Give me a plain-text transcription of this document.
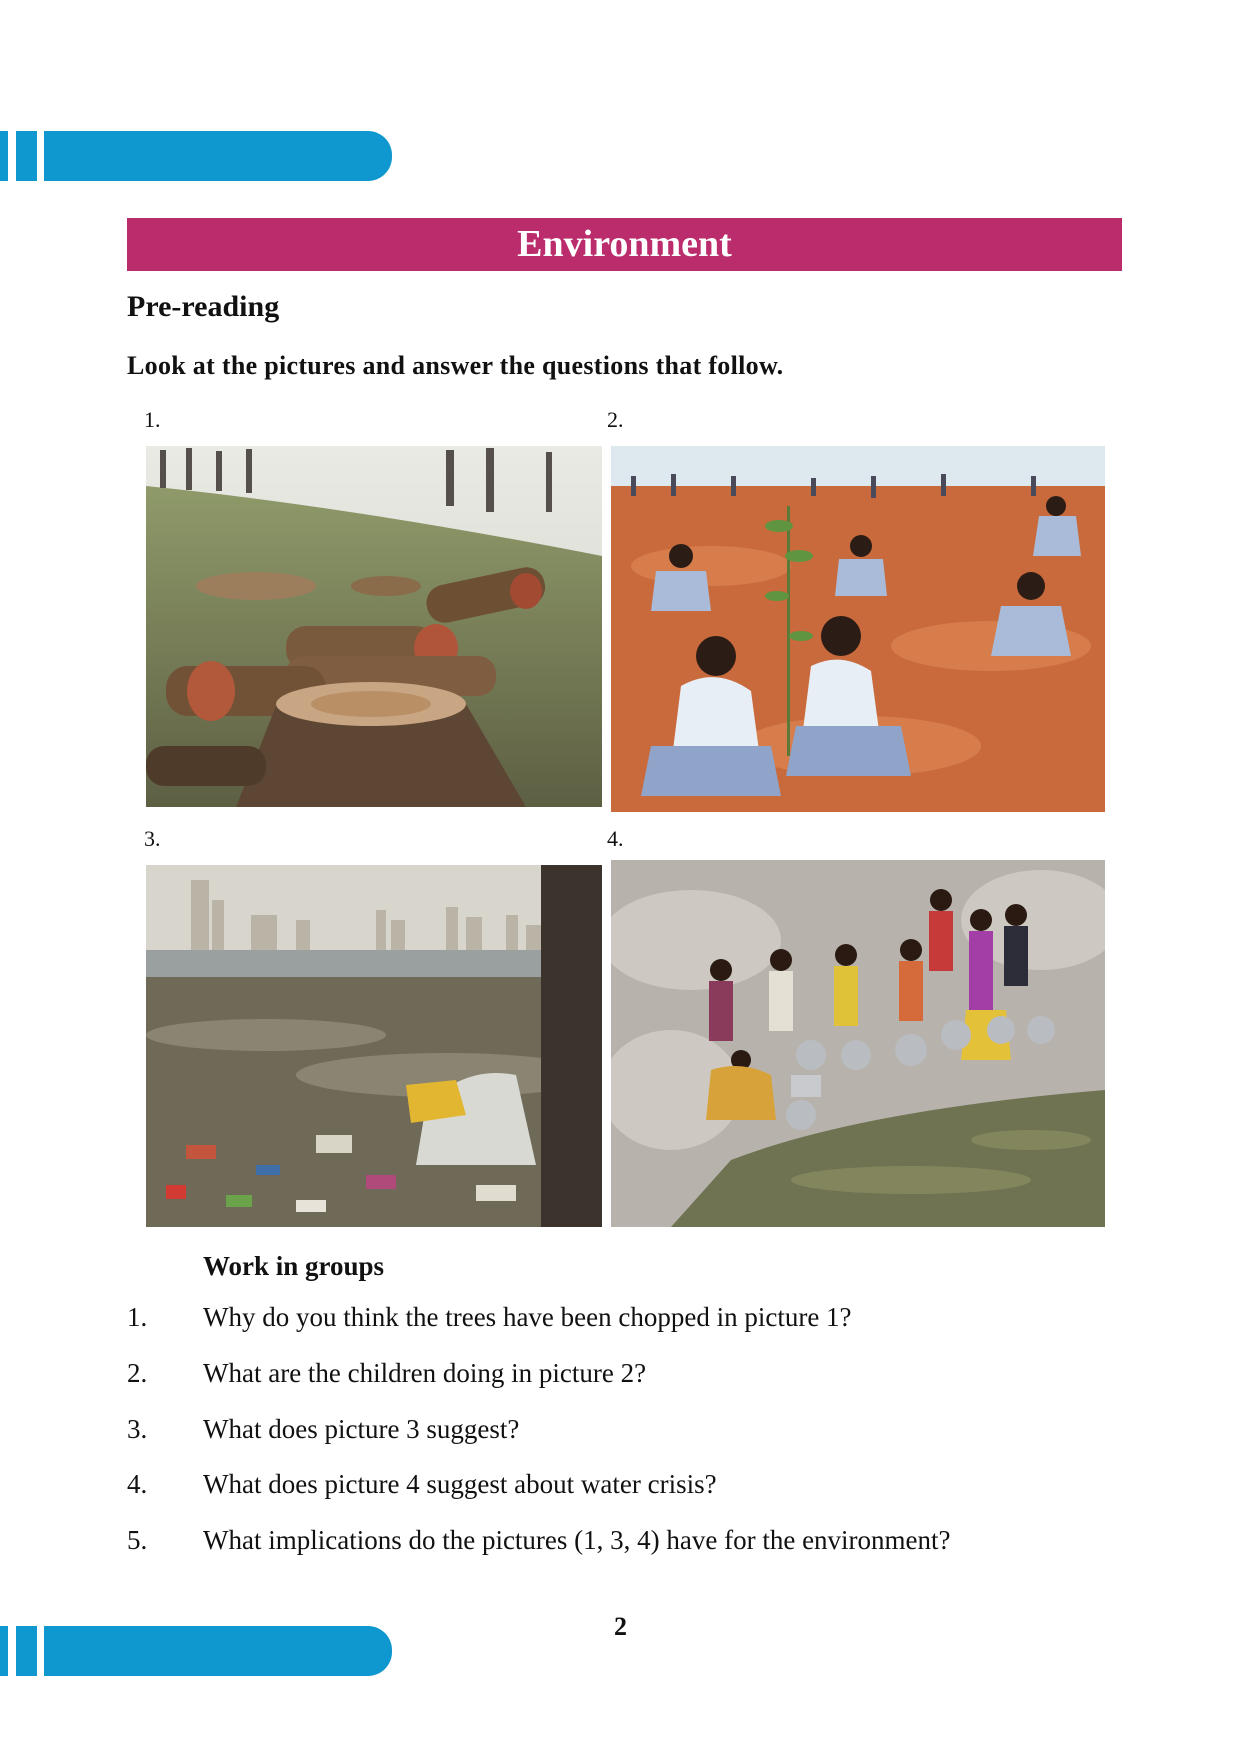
Environment
Pre-reading
Look at the pictures and answer the questions that follow.
1.	2.
3.	4.
Work in groups
1. Why do you think the trees have been chopped in picture 1?
2. What are the children doing in picture 2?
3. What does picture 3 suggest?
4. What does picture 4 suggest about water crisis?
5. What implications do the pictures (1, 3, 4) have for the environment?
2
